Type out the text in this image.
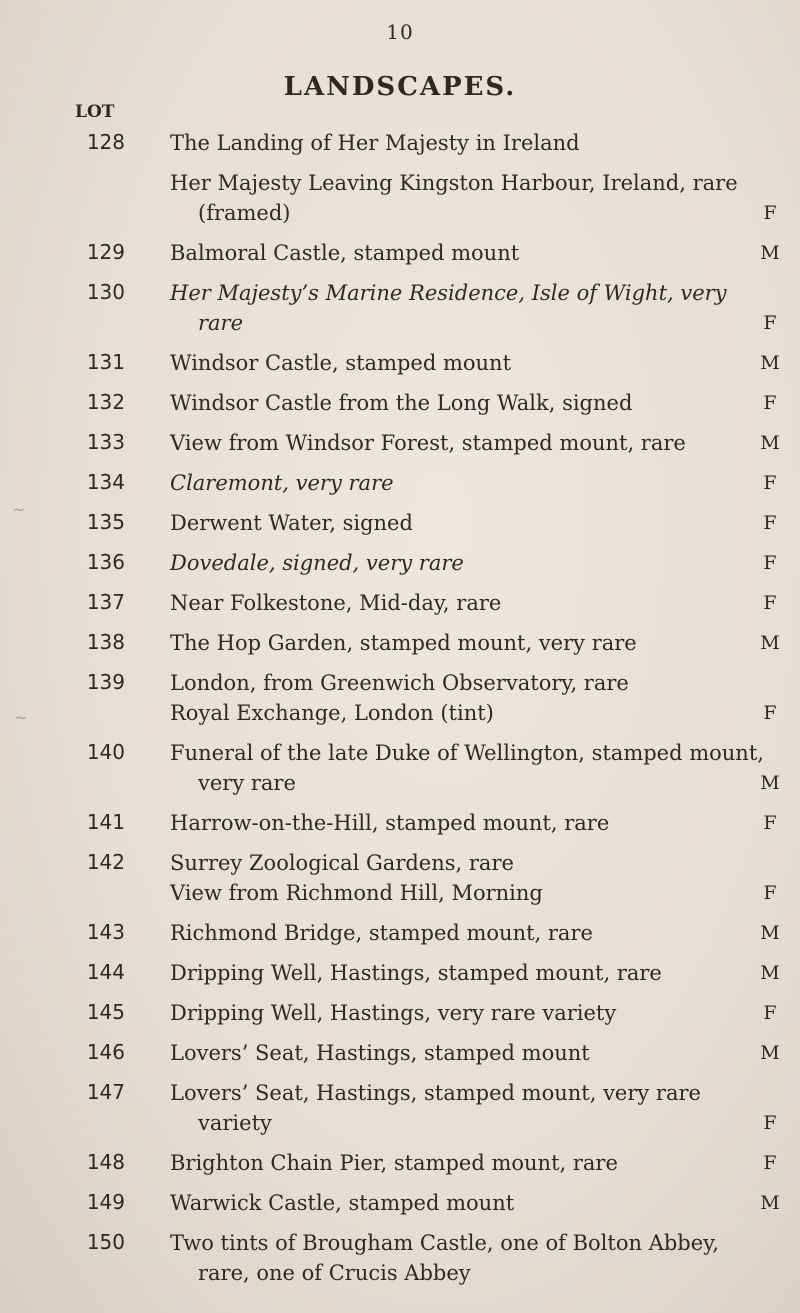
10
LANDSCAPES.
LOT
128 The Landing of Her Majesty in Ireland
Her Majesty Leaving Kingston Harbour, Ireland, rare
(framed)	F
129 Balmoral Castle, stamped mount	M
130 Her Majesty’s Marine Residence, Isle of Wight, very
rare	F
131 Windsor Castle, stamped mount	M
132 Windsor Castle from the Long Walk, signed	F
133 View from Windsor Forest, stamped mount, rare	M
134 Claremont, very rare	F
135 Derwent Water, signed	F
136 Dovedale, signed, very rare	F
137 Near Folkestone, Mid-day, rare	F
138 The Hop Garden, stamped mount, very rare	M
139 London, from Greenwich Observatory, rare
Royal Exchange, London (tint)	F
140 Funeral of the late Duke of Wellington, stamped mount,
very rare	M
141 Harrow-on-the-Hill, stamped mount, rare	F
142 Surrey Zoological Gardens, rare
View from Richmond Hill, Morning	F
143 Richmond Bridge, stamped mount, rare	M
144 Dripping Well, Hastings, stamped mount, rare	M
145 Dripping Well, Hastings, very rare variety	F
146 Lovers’ Seat, Hastings, stamped mount	M
147 Lovers’ Seat, Hastings, stamped mount, very rare
variety	F
148 Brighton Chain Pier, stamped mount, rare	F
149 Warwick Castle, stamped mount	M
150 Two tints of Brougham Castle, one of Bolton Abbey,
rare, one of Crucis Abbey
~
~
